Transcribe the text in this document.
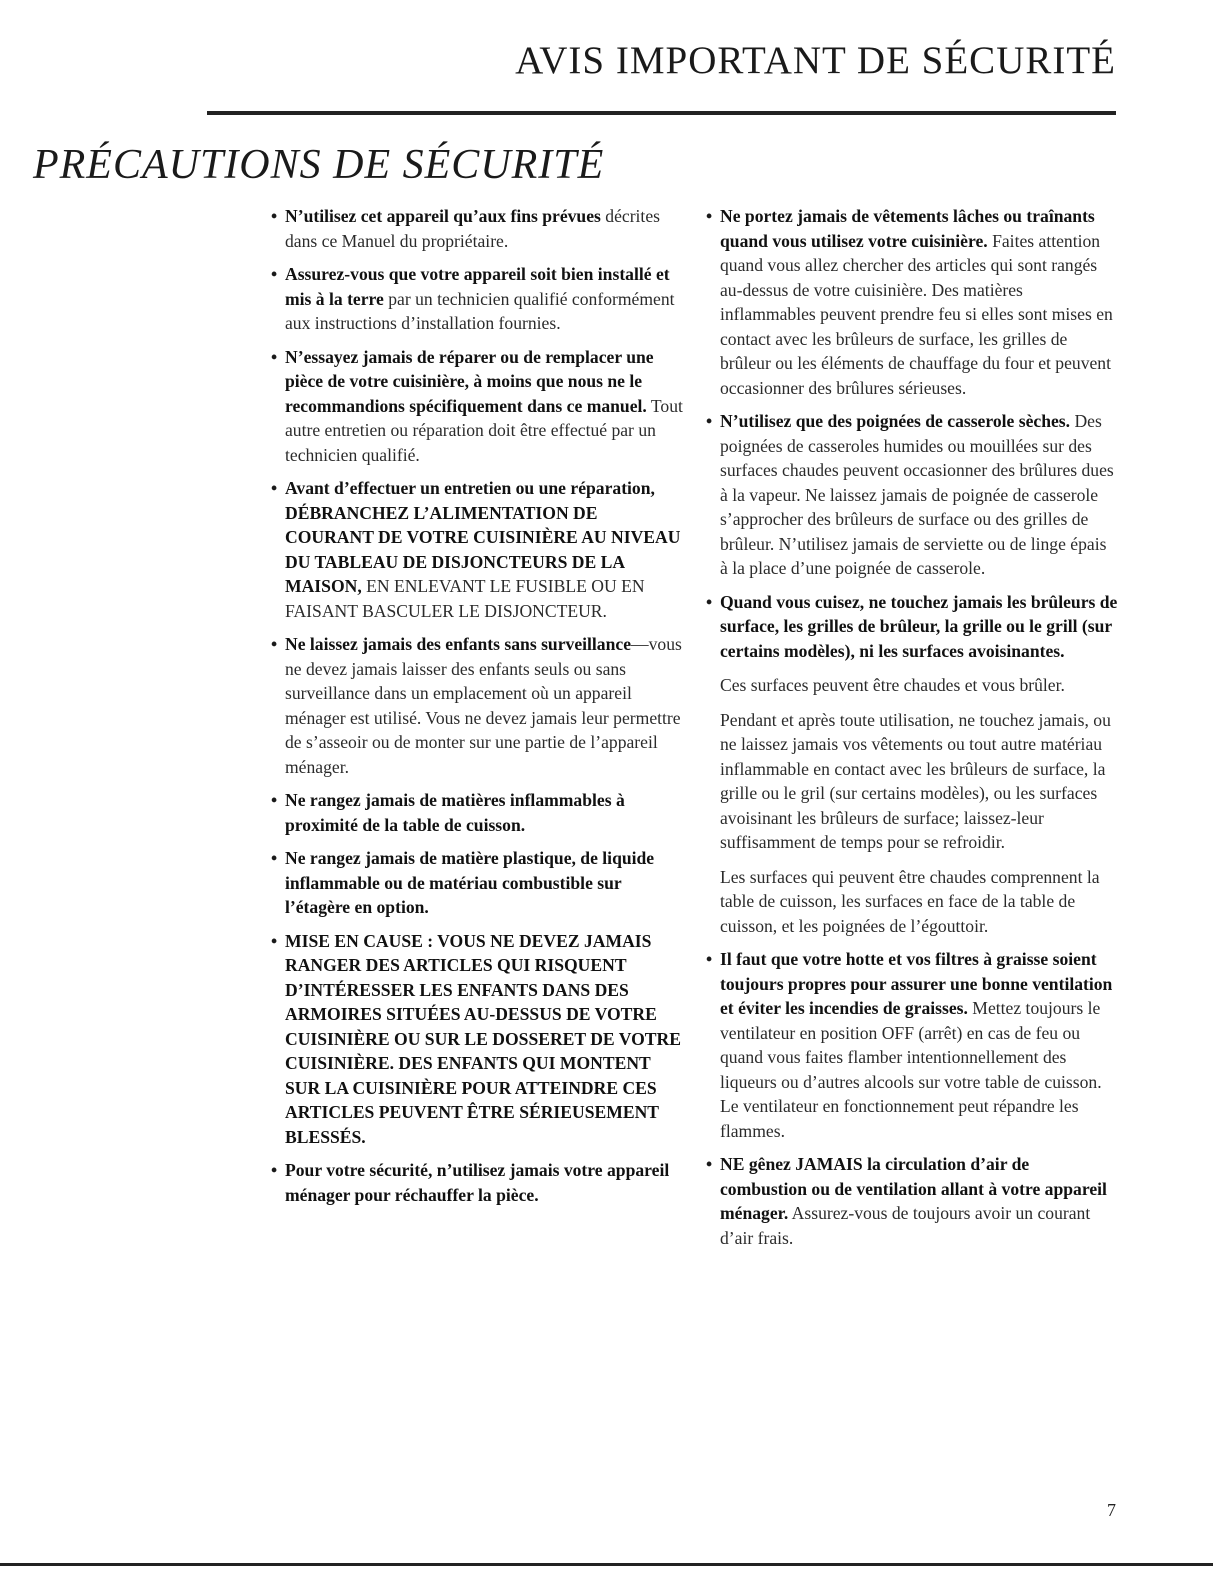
AVIS IMPORTANT DE SÉCURITÉ
PRÉCAUTIONS DE SÉCURITÉ
• N’utilisez cet appareil qu’aux fins prévues décrites dans ce Manuel du propriétaire.
• Assurez-vous que votre appareil soit bien installé et mis à la terre par un technicien qualifié conformément aux instructions d’installation fournies.
• N’essayez jamais de réparer ou de remplacer une pièce de votre cuisinière, à moins que nous ne le recommandions spécifiquement dans ce manuel. Tout autre entretien ou réparation doit être effectué par un technicien qualifié.
• Avant d’effectuer un entretien ou une réparation, DÉBRANCHEZ L’ALIMENTATION DE COURANT DE VOTRE CUISINIÈRE AU NIVEAU DU TABLEAU DE DISJONCTEURS DE LA MAISON, EN ENLEVANT LE FUSIBLE OU EN FAISANT BASCULER LE DISJONCTEUR.
• Ne laissez jamais des enfants sans surveillance—vous ne devez jamais laisser des enfants seuls ou sans surveillance dans un emplacement où un appareil ménager est utilisé. Vous ne devez jamais leur permettre de s’asseoir ou de monter sur une partie de l’appareil ménager.
• Ne rangez jamais de matières inflammables à proximité de la table de cuisson.
• Ne rangez jamais de matière plastique, de liquide inflammable ou de matériau combustible sur l’étagère en option.
• MISE EN CAUSE : VOUS NE DEVEZ JAMAIS RANGER DES ARTICLES QUI RISQUENT D’INTÉRESSER LES ENFANTS DANS DES ARMOIRES SITUÉES AU-DESSUS DE VOTRE CUISINIÈRE OU SUR LE DOSSERET DE VOTRE CUISINIÈRE. DES ENFANTS QUI MONTENT SUR LA CUISINIÈRE POUR ATTEINDRE CES ARTICLES PEUVENT ÊTRE SÉRIEUSEMENT BLESSÉS.
• Pour votre sécurité, n’utilisez jamais votre appareil ménager pour réchauffer la pièce.
• Ne portez jamais de vêtements lâches ou traînants quand vous utilisez votre cuisinière. Faites attention quand vous allez chercher des articles qui sont rangés au-dessus de votre cuisinière. Des matières inflammables peuvent prendre feu si elles sont mises en contact avec les brûleurs de surface, les grilles de brûleur ou les éléments de chauffage du four et peuvent occasionner des brûlures sérieuses.
• N’utilisez que des poignées de casserole sèches. Des poignées de casseroles humides ou mouillées sur des surfaces chaudes peuvent occasionner des brûlures dues à la vapeur. Ne laissez jamais de poignée de casserole s’approcher des brûleurs de surface ou des grilles de brûleur. N’utilisez jamais de serviette ou de linge épais à la place d’une poignée de casserole.
• Quand vous cuisez, ne touchez jamais les brûleurs de surface, les grilles de brûleur, la grille ou le grill (sur certains modèles), ni les surfaces avoisinantes.
Ces surfaces peuvent être chaudes et vous brûler.
Pendant et après toute utilisation, ne touchez jamais, ou ne laissez jamais vos vêtements ou tout autre matériau inflammable en contact avec les brûleurs de surface, la grille ou le gril (sur certains modèles), ou les surfaces avoisinant les brûleurs de surface; laissez-leur suffisamment de temps pour se refroidir.
Les surfaces qui peuvent être chaudes comprennent la table de cuisson, les surfaces en face de la table de cuisson, et les poignées de l’égouttoir.
• Il faut que votre hotte et vos filtres à graisse soient toujours propres pour assurer une bonne ventilation et éviter les incendies de graisses. Mettez toujours le ventilateur en position OFF (arrêt) en cas de feu ou quand vous faites flamber intentionnellement des liqueurs ou d’autres alcools sur votre table de cuisson. Le ventilateur en fonctionnement peut répandre les flammes.
• NE gênez JAMAIS la circulation d’air de combustion ou de ventilation allant à votre appareil ménager. Assurez-vous de toujours avoir un courant d’air frais.
7
